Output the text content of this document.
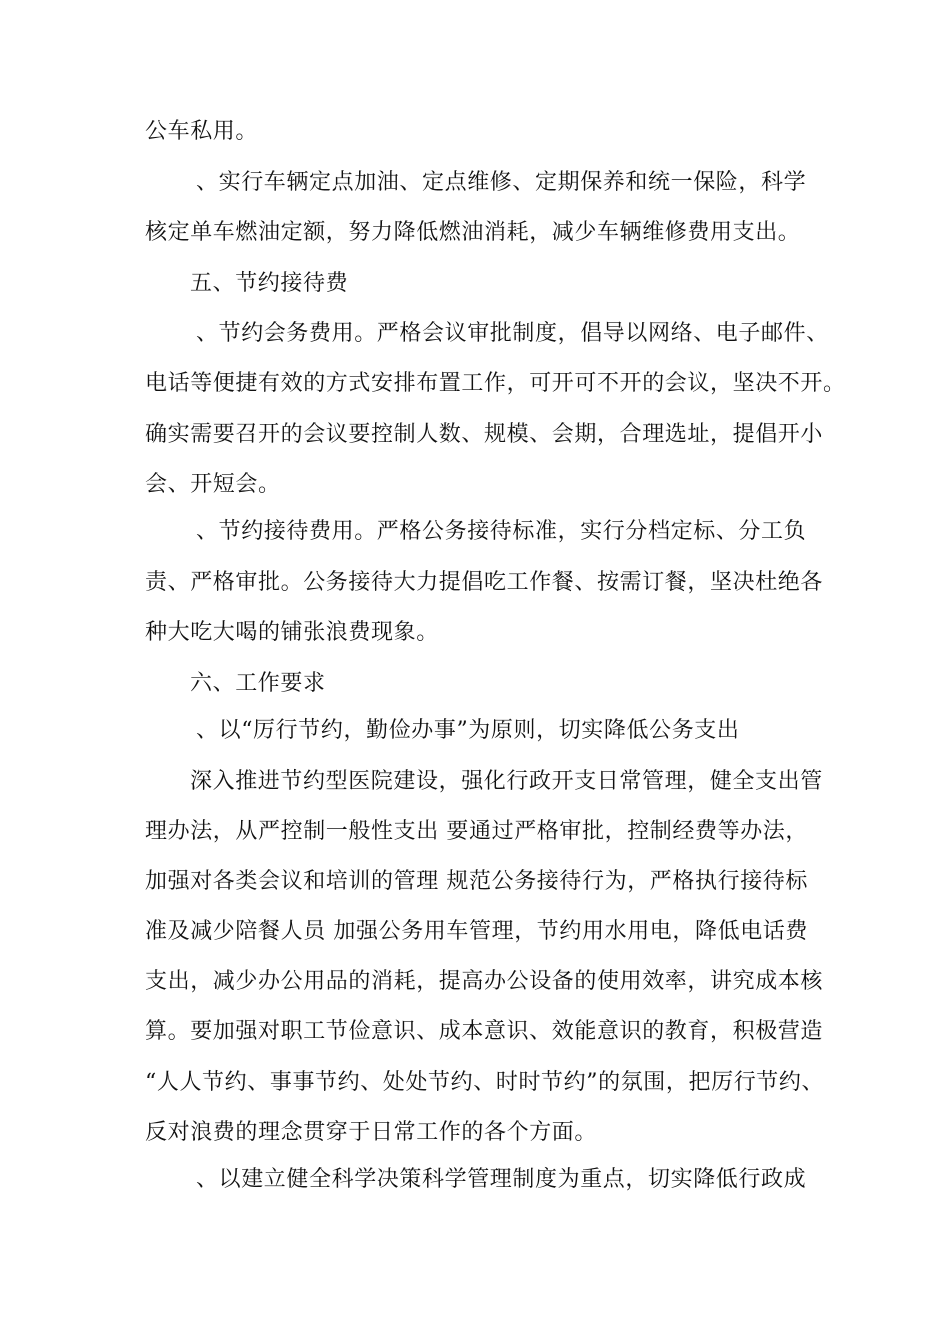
公车私用。
、实行车辆定点加油、定点维修、定期保养和统一保险，科学
核定单车燃油定额，努力降低燃油消耗，减少车辆维修费用支出。
五、节约接待费
、节约会务费用。严格会议审批制度，倡导以网络、电子邮件、
电话等便捷有效的方式安排布置工作，可开可不开的会议，坚决不开。
确实需要召开的会议要控制人数、规模、会期，合理选址，提倡开小
会、开短会。
、节约接待费用。严格公务接待标准，实行分档定标、分工负
责、严格审批。公务接待大力提倡吃工作餐、按需订餐，坚决杜绝各
种大吃大喝的铺张浪费现象。
六、工作要求
、以“厉行节约，勤俭办事”为原则，切实降低公务支出
深入推进节约型医院建设，强化行政开支日常管理，健全支出管
理办法，从严控制一般性支出 要通过严格审批，控制经费等办法，
加强对各类会议和培训的管理 规范公务接待行为，严格执行接待标
准及减少陪餐人员 加强公务用车管理，节约用水用电，降低电话费
支出，减少办公用品的消耗，提高办公设备的使用效率，讲究成本核
算。要加强对职工节俭意识、成本意识、效能意识的教育，积极营造
“人人节约、事事节约、处处节约、时时节约”的氛围，把厉行节约、
反对浪费的理念贯穿于日常工作的各个方面。
、以建立健全科学决策科学管理制度为重点，切实降低行政成
